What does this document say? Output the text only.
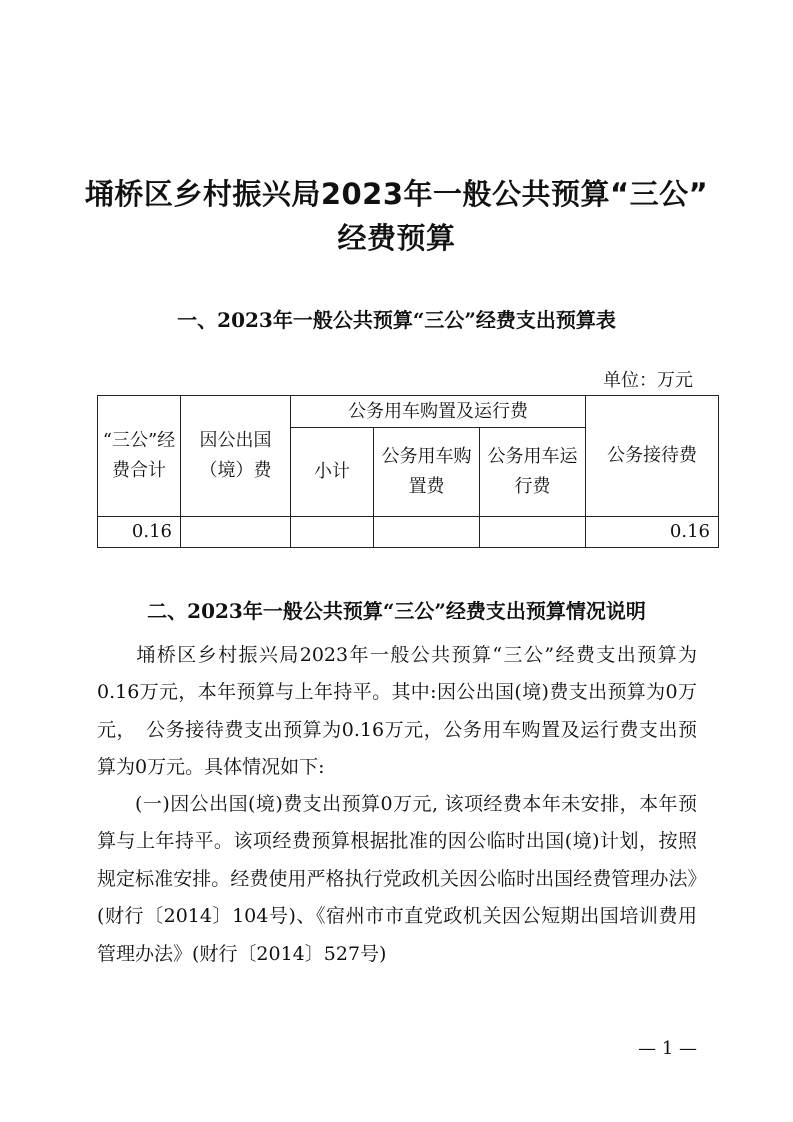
埇桥区乡村振兴局2023年一般公共预算“三公”
经费预算
一、2023年一般公共预算“三公”经费支出预算表
单位：万元
“三公”经费合计	因公出国（境）费	公务用车购置及运行费			公务接待费
		小计	公务用车购置费	公务用车运行费	
0.16					0.16
二、2023年一般公共预算“三公”经费支出预算情况说明

埇桥区乡村振兴局2023年一般公共预算“三公”经费支出预算为0.16万元，本年预算与上年持平。其中:因公出国(境)费支出预算为0万元，　公务接待费支出预算为0.16万元，公务用车购置及运行费支出预算为0万元。具体情况如下:

(一)因公出国(境)费支出预算0万元, 该项经费本年未安排，本年预算与上年持平。该项经费预算根据批准的因公临时出国(境)计划，按照规定标准安排。经费使用严格执行党政机关因公临时出国经费管理办法》(财行〔2014〕104号)、《宿州市市直党政机关因公短期出国培训费用管理办法》(财行〔2014〕527号)

— 1 —
